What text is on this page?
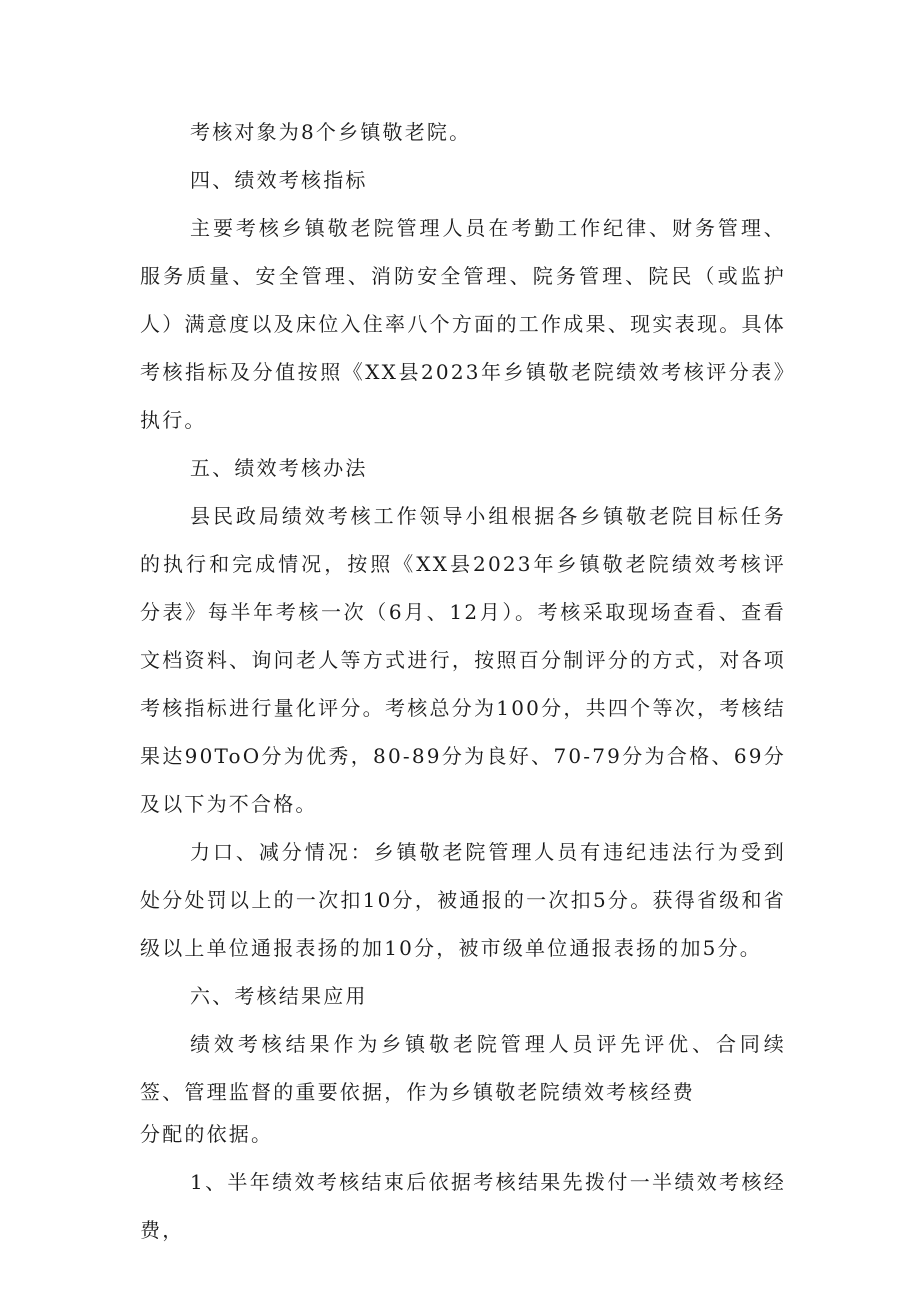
考核对象为8个乡镇敬老院。

四、绩效考核指标

主要考核乡镇敬老院管理人员在考勤工作纪律、财务管理、服务质量、安全管理、消防安全管理、院务管理、院民（或监护人）满意度以及床位入住率八个方面的工作成果、现实表现。具体考核指标及分值按照《XX县2023年乡镇敬老院绩效考核评分表》执行。

五、绩效考核办法

县民政局绩效考核工作领导小组根据各乡镇敬老院目标任务的执行和完成情况，按照《XX县2023年乡镇敬老院绩效考核评分表》每半年考核一次（6月、12月）。考核采取现场查看、查看文档资料、询问老人等方式进行，按照百分制评分的方式，对各项考核指标进行量化评分。考核总分为100分，共四个等次，考核结果达90ToO分为优秀，80-89分为良好、70-79分为合格、69分及以下为不合格。

力口、减分情况：乡镇敬老院管理人员有违纪违法行为受到处分处罚以上的一次扣10分，被通报的一次扣5分。获得省级和省级以上单位通报表扬的加10分，被市级单位通报表扬的加5分。

六、考核结果应用

绩效考核结果作为乡镇敬老院管理人员评先评优、合同续签、管理监督的重要依据，作为乡镇敬老院绩效考核经费

分配的依据。

1、半年绩效考核结束后依据考核结果先拨付一半绩效考核经费，
